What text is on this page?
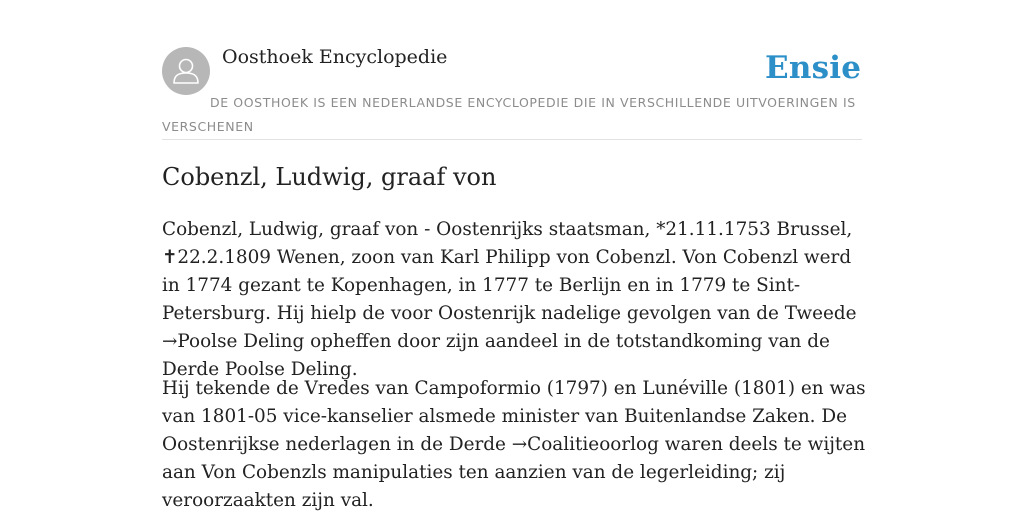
Oosthoek Encyclopedie	Ensie

DE OOSTHOEK IS EEN NEDERLANDSE ENCYCLOPEDIE DIE IN VERSCHILLENDE UITVOERINGEN IS VERSCHENEN

Cobenzl, Ludwig, graaf von

Cobenzl, Ludwig, graaf von - Oostenrijks staatsman, *21.11.1753 Brussel, ✝22.2.1809 Wenen, zoon van Karl Philipp von Cobenzl. Von Cobenzl werd in 1774 gezant te Kopenhagen, in 1777 te Berlijn en in 1779 te Sint-Petersburg. Hij hielp de voor Oostenrijk nadelige gevolgen van de Tweede →Poolse Deling opheffen door zijn aandeel in de totstandkoming van de Derde Poolse Deling.

Hij tekende de Vredes van Campoformio (1797) en Lunéville (1801) en was van 1801-05 vice-kanselier alsmede minister van Buitenlandse Zaken. De Oostenrijkse nederlagen in de Derde →Coalitieoorlog waren deels te wijten aan Von Cobenzls manipulaties ten aanzien van de legerleiding; zij veroorzaakten zijn val.
